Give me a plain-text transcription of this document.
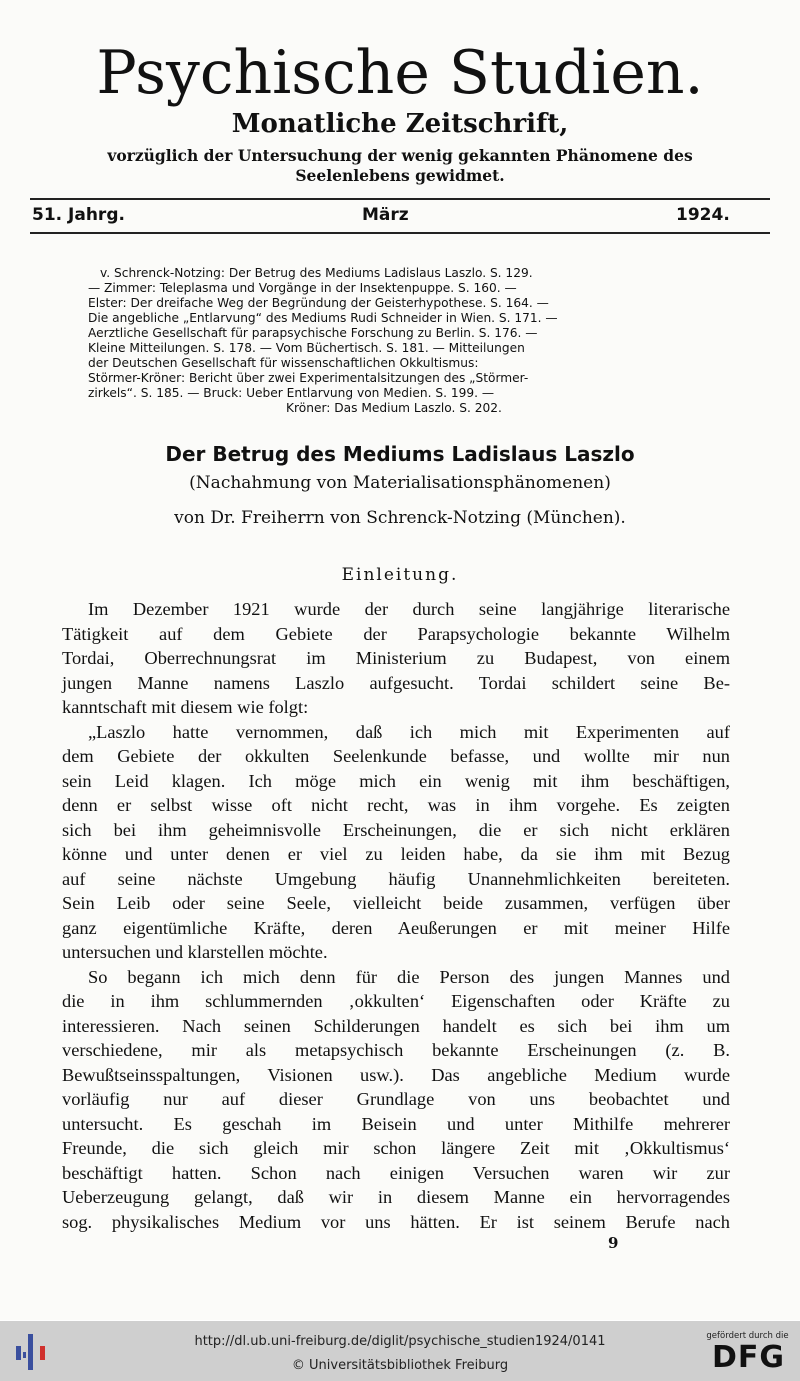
Psychische Studien.
Monatliche Zeitschrift,
vorzüglich der Untersuchung der wenig gekannten Phänomene des
Seelenlebens gewidmet.
51. Jahrg.	März	1924.
v. Schrenck-Notzing: Der Betrug des Mediums Ladislaus Laszlo. S. 129.
— Zimmer: Teleplasma und Vorgänge in der Insektenpuppe. S. 160. —
Elster: Der dreifache Weg der Begründung der Geisterhypothese. S. 164. —
Die angebliche „Entlarvung“ des Mediums Rudi Schneider in Wien. S. 171. —
Aerztliche Gesellschaft für parapsychische Forschung zu Berlin. S. 176. —
Kleine Mitteilungen. S. 178. — Vom Büchertisch. S. 181. — Mitteilungen
der Deutschen Gesellschaft für wissenschaftlichen Okkultismus:
Störmer-Kröner: Bericht über zwei Experimentalsitzungen des „Störmer-
zirkels“. S. 185. — Bruck: Ueber Entlarvung von Medien. S. 199. —
Kröner: Das Medium Laszlo. S. 202.
Der Betrug des Mediums Ladislaus Laszlo
(Nachahmung von Materialisationsphänomenen)
von Dr. Freiherrn von Schrenck-Notzing (München).
Einleitung.
Im Dezember 1921 wurde der durch seine langjährige literarische
Tätigkeit auf dem Gebiete der Parapsychologie bekannte Wilhelm
Tordai, Oberrechnungsrat im Ministerium zu Budapest, von einem
jungen Manne namens Laszlo aufgesucht. Tordai schildert seine Be-
kanntschaft mit diesem wie folgt:
„Laszlo hatte vernommen, daß ich mich mit Experimenten auf
dem Gebiete der okkulten Seelenkunde befasse, und wollte mir nun
sein Leid klagen. Ich möge mich ein wenig mit ihm beschäftigen,
denn er selbst wisse oft nicht recht, was in ihm vorgehe. Es zeigten
sich bei ihm geheimnisvolle Erscheinungen, die er sich nicht erklären
könne und unter denen er viel zu leiden habe, da sie ihm mit Bezug
auf seine nächste Umgebung häufig Unannehmlichkeiten bereiteten.
Sein Leib oder seine Seele, vielleicht beide zusammen, verfügen über
ganz eigentümliche Kräfte, deren Aeußerungen er mit meiner Hilfe
untersuchen und klarstellen möchte.
So begann ich mich denn für die Person des jungen Mannes und
die in ihm schlummernden ‚okkulten‘ Eigenschaften oder Kräfte zu
interessieren. Nach seinen Schilderungen handelt es sich bei ihm um
verschiedene, mir als metapsychisch bekannte Erscheinungen (z. B.
Bewußtseinsspaltungen, Visionen usw.). Das angebliche Medium wurde
vorläufig nur auf dieser Grundlage von uns beobachtet und
untersucht. Es geschah im Beisein und unter Mithilfe mehrerer
Freunde, die sich gleich mir schon längere Zeit mit ‚Okkultismus‘
beschäftigt hatten. Schon nach einigen Versuchen waren wir zur
Ueberzeugung gelangt, daß wir in diesem Manne ein hervorragendes
sog. physikalisches Medium vor uns hätten. Er ist seinem Berufe nach
9
http://dl.ub.uni-freiburg.de/diglit/psychische_studien1924/0141
© Universitätsbibliothek Freiburg
gefördert durch die
DFG
